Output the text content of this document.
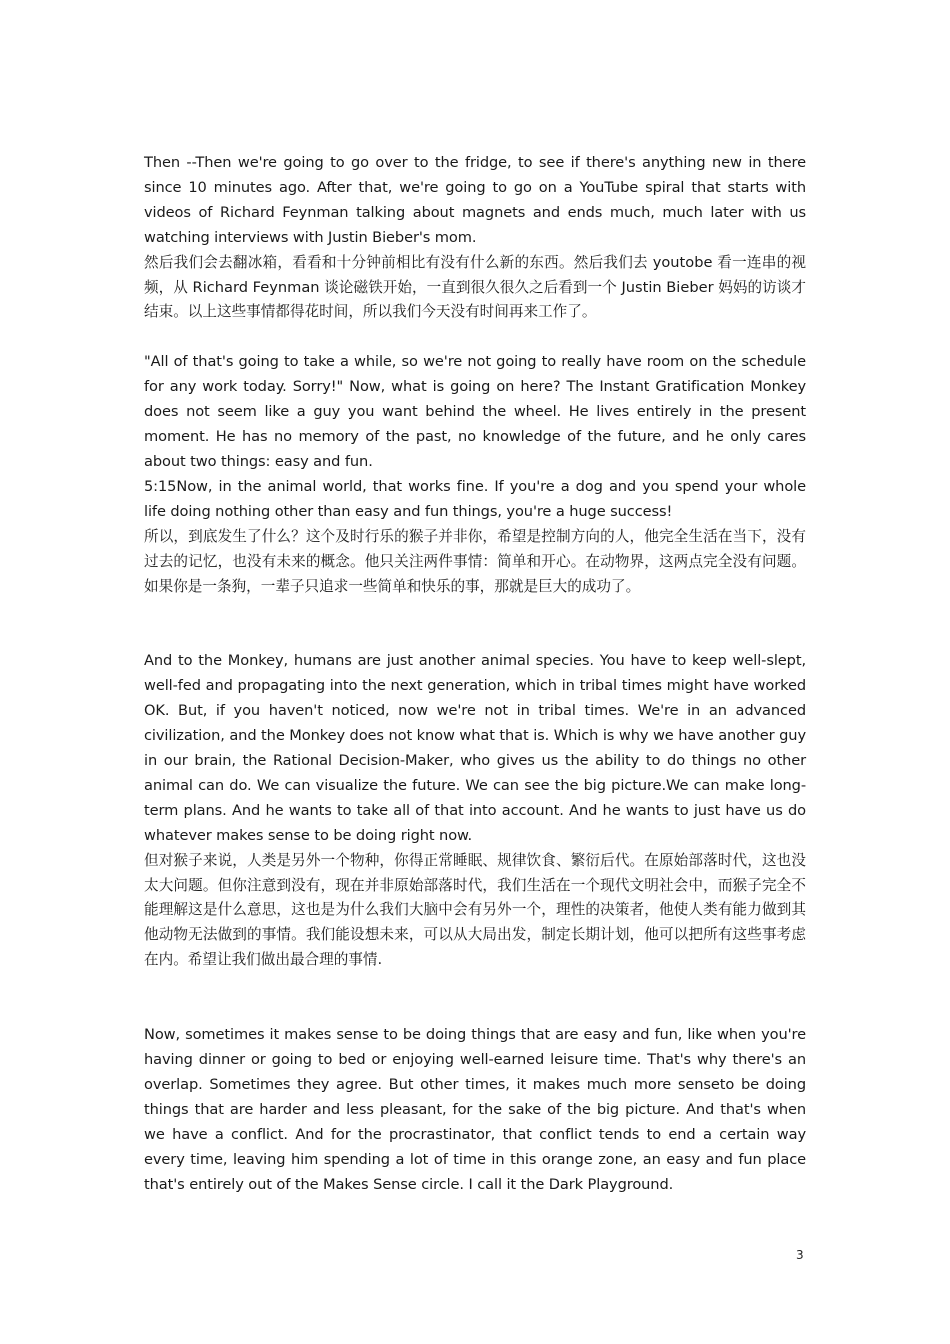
Then --Then we're going to go over to the fridge, to see if there's anything new in there since 10 minutes ago. After that, we're going to go on a YouTube spiral that starts with videos of Richard Feynman talking about magnets and ends much, much later with us watching interviews with Justin Bieber's mom.

然后我们会去翻冰箱，看看和十分钟前相比有没有什么新的东西。然后我们去 youtobe 看一连串的视频，从 Richard Feynman 谈论磁铁开始，一直到很久很久之后看到一个 Justin Bieber 妈妈的访谈才结束。以上这些事情都得花时间，所以我们今天没有时间再来工作了。

"All of that's going to take a while, so we're not going to really have room on the schedule for any work today. Sorry!" Now, what is going on here? The Instant Gratification Monkey does not seem like a guy you want behind the wheel. He lives entirely in the present moment. He has no memory of the past, no knowledge of the future, and he only cares about two things: easy and fun.

5:15Now, in the animal world, that works fine. If you're a dog and you spend your whole life doing nothing other than easy and fun things, you're a huge success!

所以，到底发生了什么？这个及时行乐的猴子并非你，希望是控制方向的人，他完全生活在当下，没有过去的记忆，也没有未来的概念。他只关注两件事情：简单和开心。在动物界，这两点完全没有问题。如果你是一条狗，一辈子只追求一些简单和快乐的事，那就是巨大的成功了。

And to the Monkey, humans are just another animal species. You have to keep well-slept, well-fed and propagating into the next generation, which in tribal times might have worked OK. But, if you haven't noticed, now we're not in tribal times. We're in an advanced civilization, and the Monkey does not know what that is. Which is why we have another guy in our brain, the Rational Decision-Maker, who gives us the ability to do things no other animal can do. We can visualize the future. We can see the big picture.We can make long-term plans. And he wants to take all of that into account. And he wants to just have us do whatever makes sense to be doing right now.

但对猴子来说，人类是另外一个物种，你得正常睡眠、规律饮食、繁衍后代。在原始部落时代，这也没太大问题。但你注意到没有，现在并非原始部落时代，我们生活在一个现代文明社会中，而猴子完全不能理解这是什么意思，这也是为什么我们大脑中会有另外一个，理性的决策者，他使人类有能力做到其他动物无法做到的事情。我们能设想未来，可以从大局出发，制定长期计划，他可以把所有这些事考虑在内。希望让我们做出最合理的事情.

Now, sometimes it makes sense to be doing things that are easy and fun, like when you're having dinner or going to bed or enjoying well-earned leisure time. That's why there's an overlap. Sometimes they agree. But other times, it makes much more senseto be doing things that are harder and less pleasant, for the sake of the big picture. And that's when we have a conflict. And for the procrastinator, that conflict tends to end a certain way every time, leaving him spending a lot of time in this orange zone, an easy and fun place that's entirely out of the Makes Sense circle. I call it the Dark Playground.

3
